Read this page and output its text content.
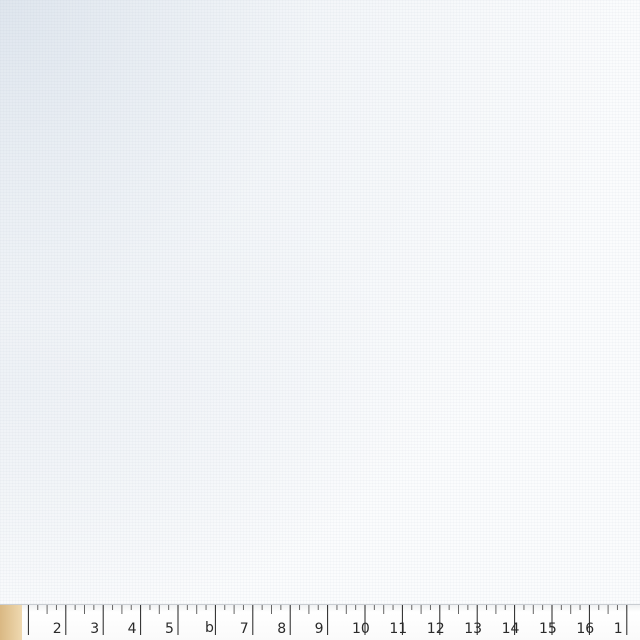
2 3 4 5	7 8 9 10 11 12 13 14 15 16 1
b
